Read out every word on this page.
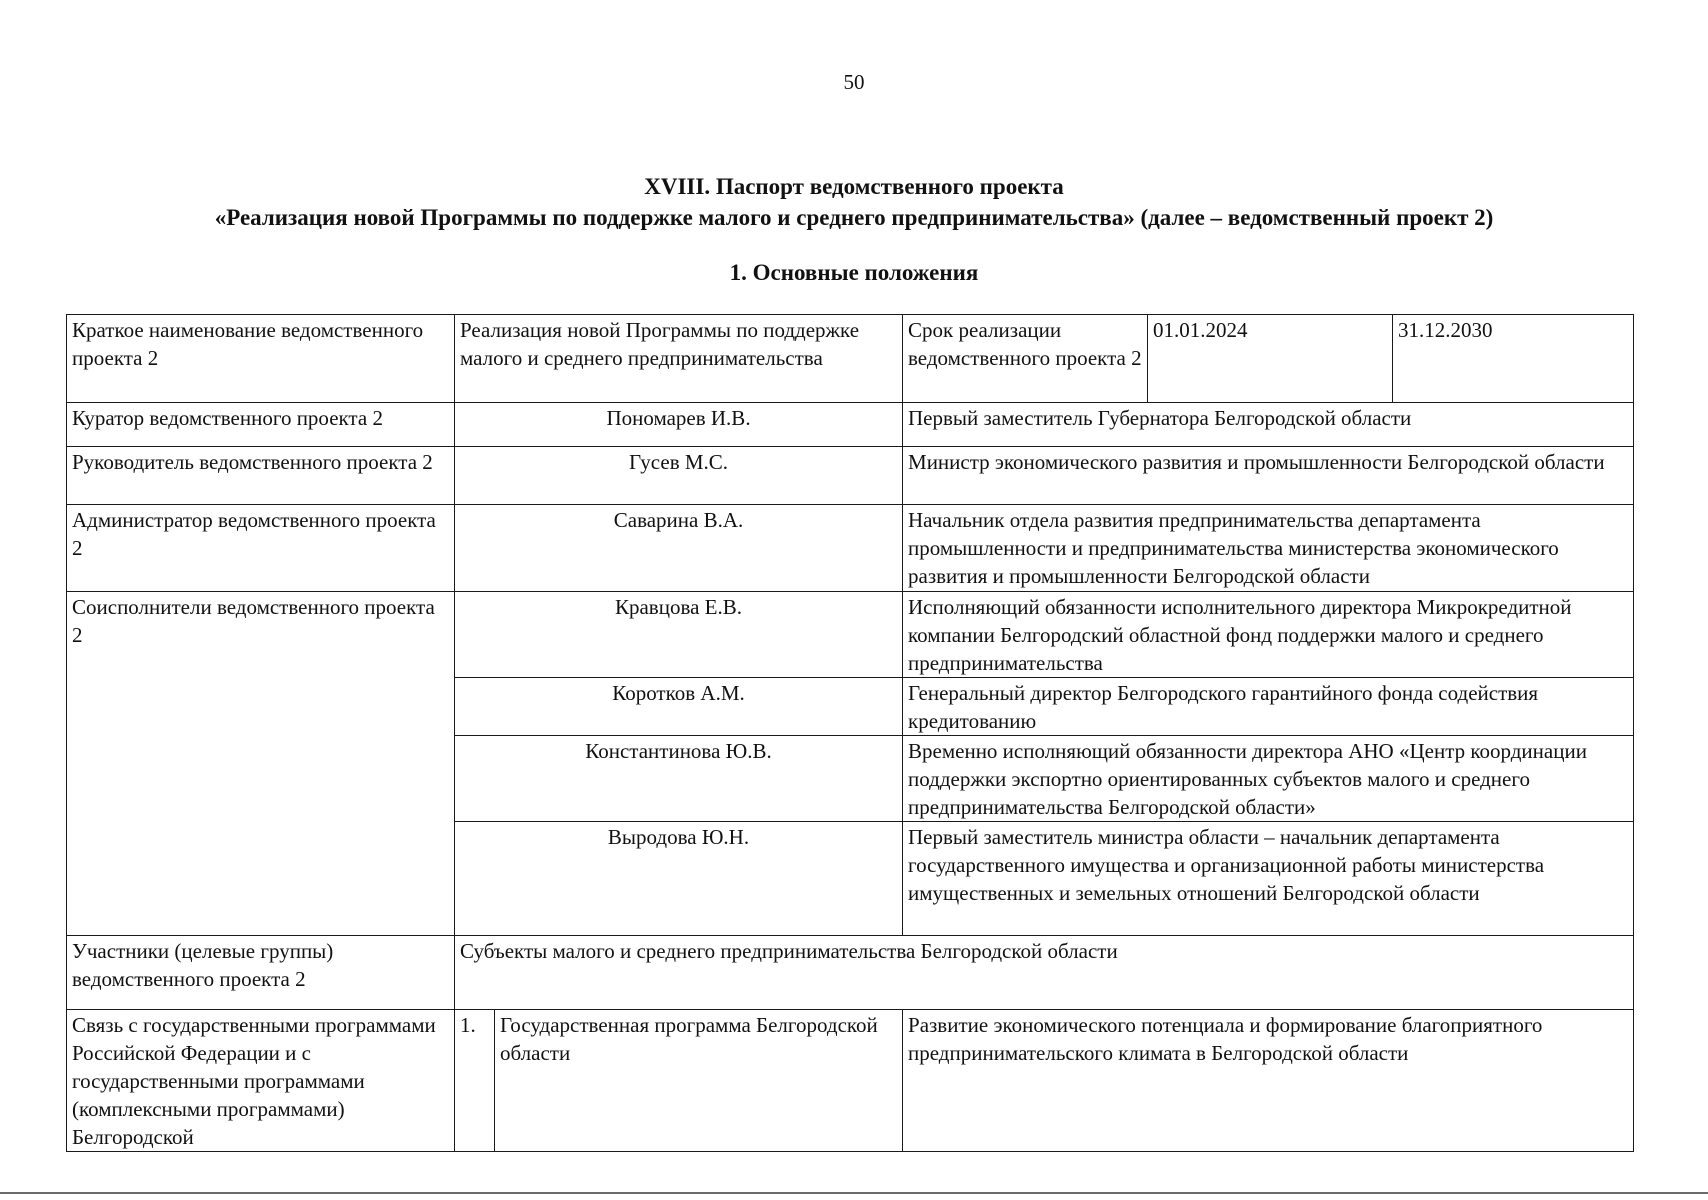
50
XVIII. Паспорт ведомственного проекта
«Реализация новой Программы по поддержке малого и среднего предпринимательства» (далее – ведомственный проект 2)
1. Основные положения
Краткое наименование ведомственного проекта 2	Реализация новой Программы по поддержке малого и среднего предпринимательства		Срок реализации ведомственного проекта 2	01.01.2024	31.12.2030
Куратор ведомственного проекта 2	Пономарев И.В.		Первый заместитель Губернатора Белгородской области		
Руководитель ведомственного проекта 2	Гусев М.С.		Министр экономического развития и промышленности Белгородской области		
Администратор ведомственного проекта 2	Саварина В.А.		Начальник отдела развития предпринимательства департамента промышленности и предпринимательства министерства экономического развития и промышленности Белгородской области		
Соисполнители ведомственного проекта 2	Кравцова Е.В.		Исполняющий обязанности исполнительного директора Микрокредитной компании Белгородский областной фонд поддержки малого и среднего предпринимательства		
	Коротков А.М.		Генеральный директор Белгородского гарантийного фонда содействия кредитованию		
	Константинова Ю.В.		Временно исполняющий обязанности директора АНО «Центр координации поддержки экспортно ориентированных субъектов малого и среднего предпринимательства Белгородской области»		
	Выродова Ю.Н.		Первый заместитель министра области – начальник департамента государственного имущества и организационной работы министерства имущественных и земельных отношений Белгородской области		
Участники (целевые группы) ведомственного проекта 2	Субъекты малого и среднего предпринимательства Белгородской области				
Связь с государственными программами Российской Федерации и с государственными программами (комплексными программами) Белгородской	1.	Государственная программа Белгородской области	Развитие экономического потенциала и формирование благоприятного предпринимательского климата в Белгородской области		
